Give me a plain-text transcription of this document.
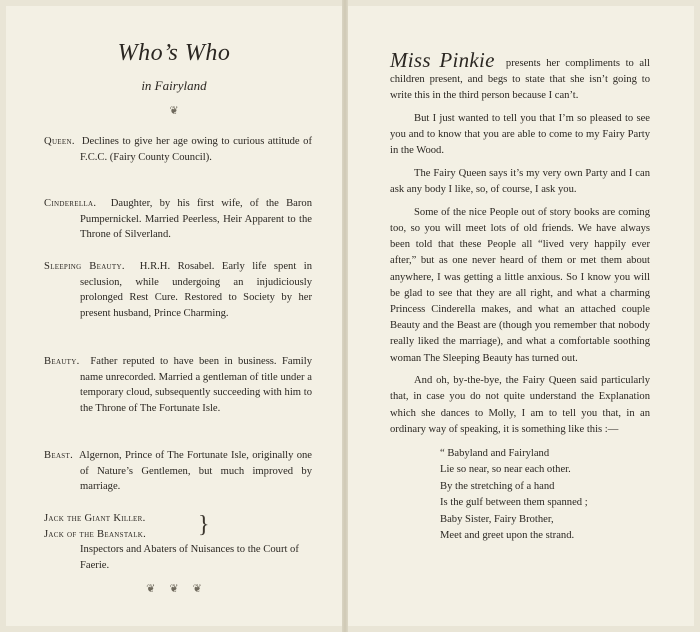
Who’s Who
in Fairyland
❦
Queen. Declines to give her age owing to curious attitude of F.C.C. (Fairy County Council).
Cinderella. Daughter, by his first wife, of the Baron Pumpernickel. Married Peerless, Heir Apparent to the Throne of Silverland.
Sleeping Beauty. H.R.H. Rosabel. Early life spent in seclusion, while undergoing an injudiciously prolonged Rest Cure. Restored to Society by her present husband, Prince Charming.
Beauty. Father reputed to have been in business. Family name unrecorded. Married a gentleman of title under a temporary cloud, subsequently succeeding with him to the Throne of The Fortunate Isle.
Beast. Algernon, Prince of The Fortunate Isle, originally one of Nature’s Gentlemen, but much improved by marriage.
Jack the Giant Killer.
Jack of the Beanstalk. }
Inspectors and Abaters of Nuisances to the Court of Faerie.
❦❦❦

Miss Pinkie presents her compliments to all children present, and begs to state that she isn’t going to write this in the third person because I can’t.

But I just wanted to tell you that I’m so pleased to see you and to know that you are able to come to my Fairy Party in the Wood.

The Fairy Queen says it’s my very own Party and I can ask any body I like, so, of course, I ask you.

Some of the nice People out of story books are coming too, so you will meet lots of old friends. We have always been told that these People all “lived very happily ever after,” but as one never heard of them or met them about anywhere, I was getting a little anxious. So I know you will be glad to see that they are all right, and what a charming Princess Cinderella makes, and what an attached couple Beauty and the Beast are (though you remember that nobody really liked the marriage), and what a comfortable soothing woman The Sleeping Beauty has turned out.

And oh, by-the-bye, the Fairy Queen said particularly that, in case you do not quite understand the Explanation which she dances to Molly, I am to tell you that, in an ordinary way of speaking, it is something like this :—

“ Babyland and Fairyland
Lie so near, so near each other.
By the stretching of a hand
Is the gulf between them spanned ;
Baby Sister, Fairy Brother,
Meet and greet upon the strand.
